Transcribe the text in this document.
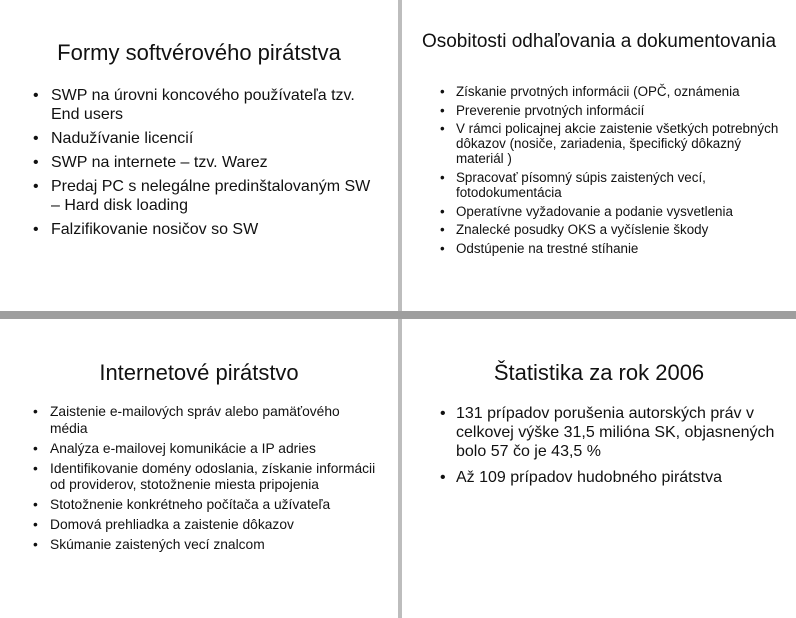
Formy softvérového pirátstva
• SWP na úrovni koncového používateľa tzv. End users
• Nadužívanie licencií
• SWP na internete – tzv. Warez
• Predaj PC s nelegálne predinštalovaným SW – Hard disk loading
• Falzifikovanie nosičov so SW
Osobitosti odhaľovania a dokumentovania
• Získanie prvotných informácii (OPČ, oznámenia
• Preverenie prvotných informácií
• V rámci policajnej akcie zaistenie všetkých potrebných dôkazov (nosiče, zariadenia, špecifický dôkazný materiál )
• Spracovať písomný súpis zaistených vecí, fotodokumentácia
• Operatívne vyžadovanie a podanie vysvetlenia
• Znalecké posudky OKS a vyčíslenie škody
• Odstúpenie na trestné stíhanie
Internetové pirátstvo
• Zaistenie e-mailových správ alebo pamäťového média
• Analýza e-mailovej komunikácie a IP adries
• Identifikovanie domény odoslania, získanie informácii od providerov, stotožnenie miesta pripojenia
• Stotožnenie konkrétneho počítača a užívateľa
• Domová prehliadka a zaistenie dôkazov
• Skúmanie zaistených vecí znalcom
Štatistika za rok 2006
• 131 prípadov porušenia autorských práv v celkovej výške 31,5 milióna SK, objasnených bolo 57 čo je 43,5 %
• Až 109 prípadov hudobného pirátstva
